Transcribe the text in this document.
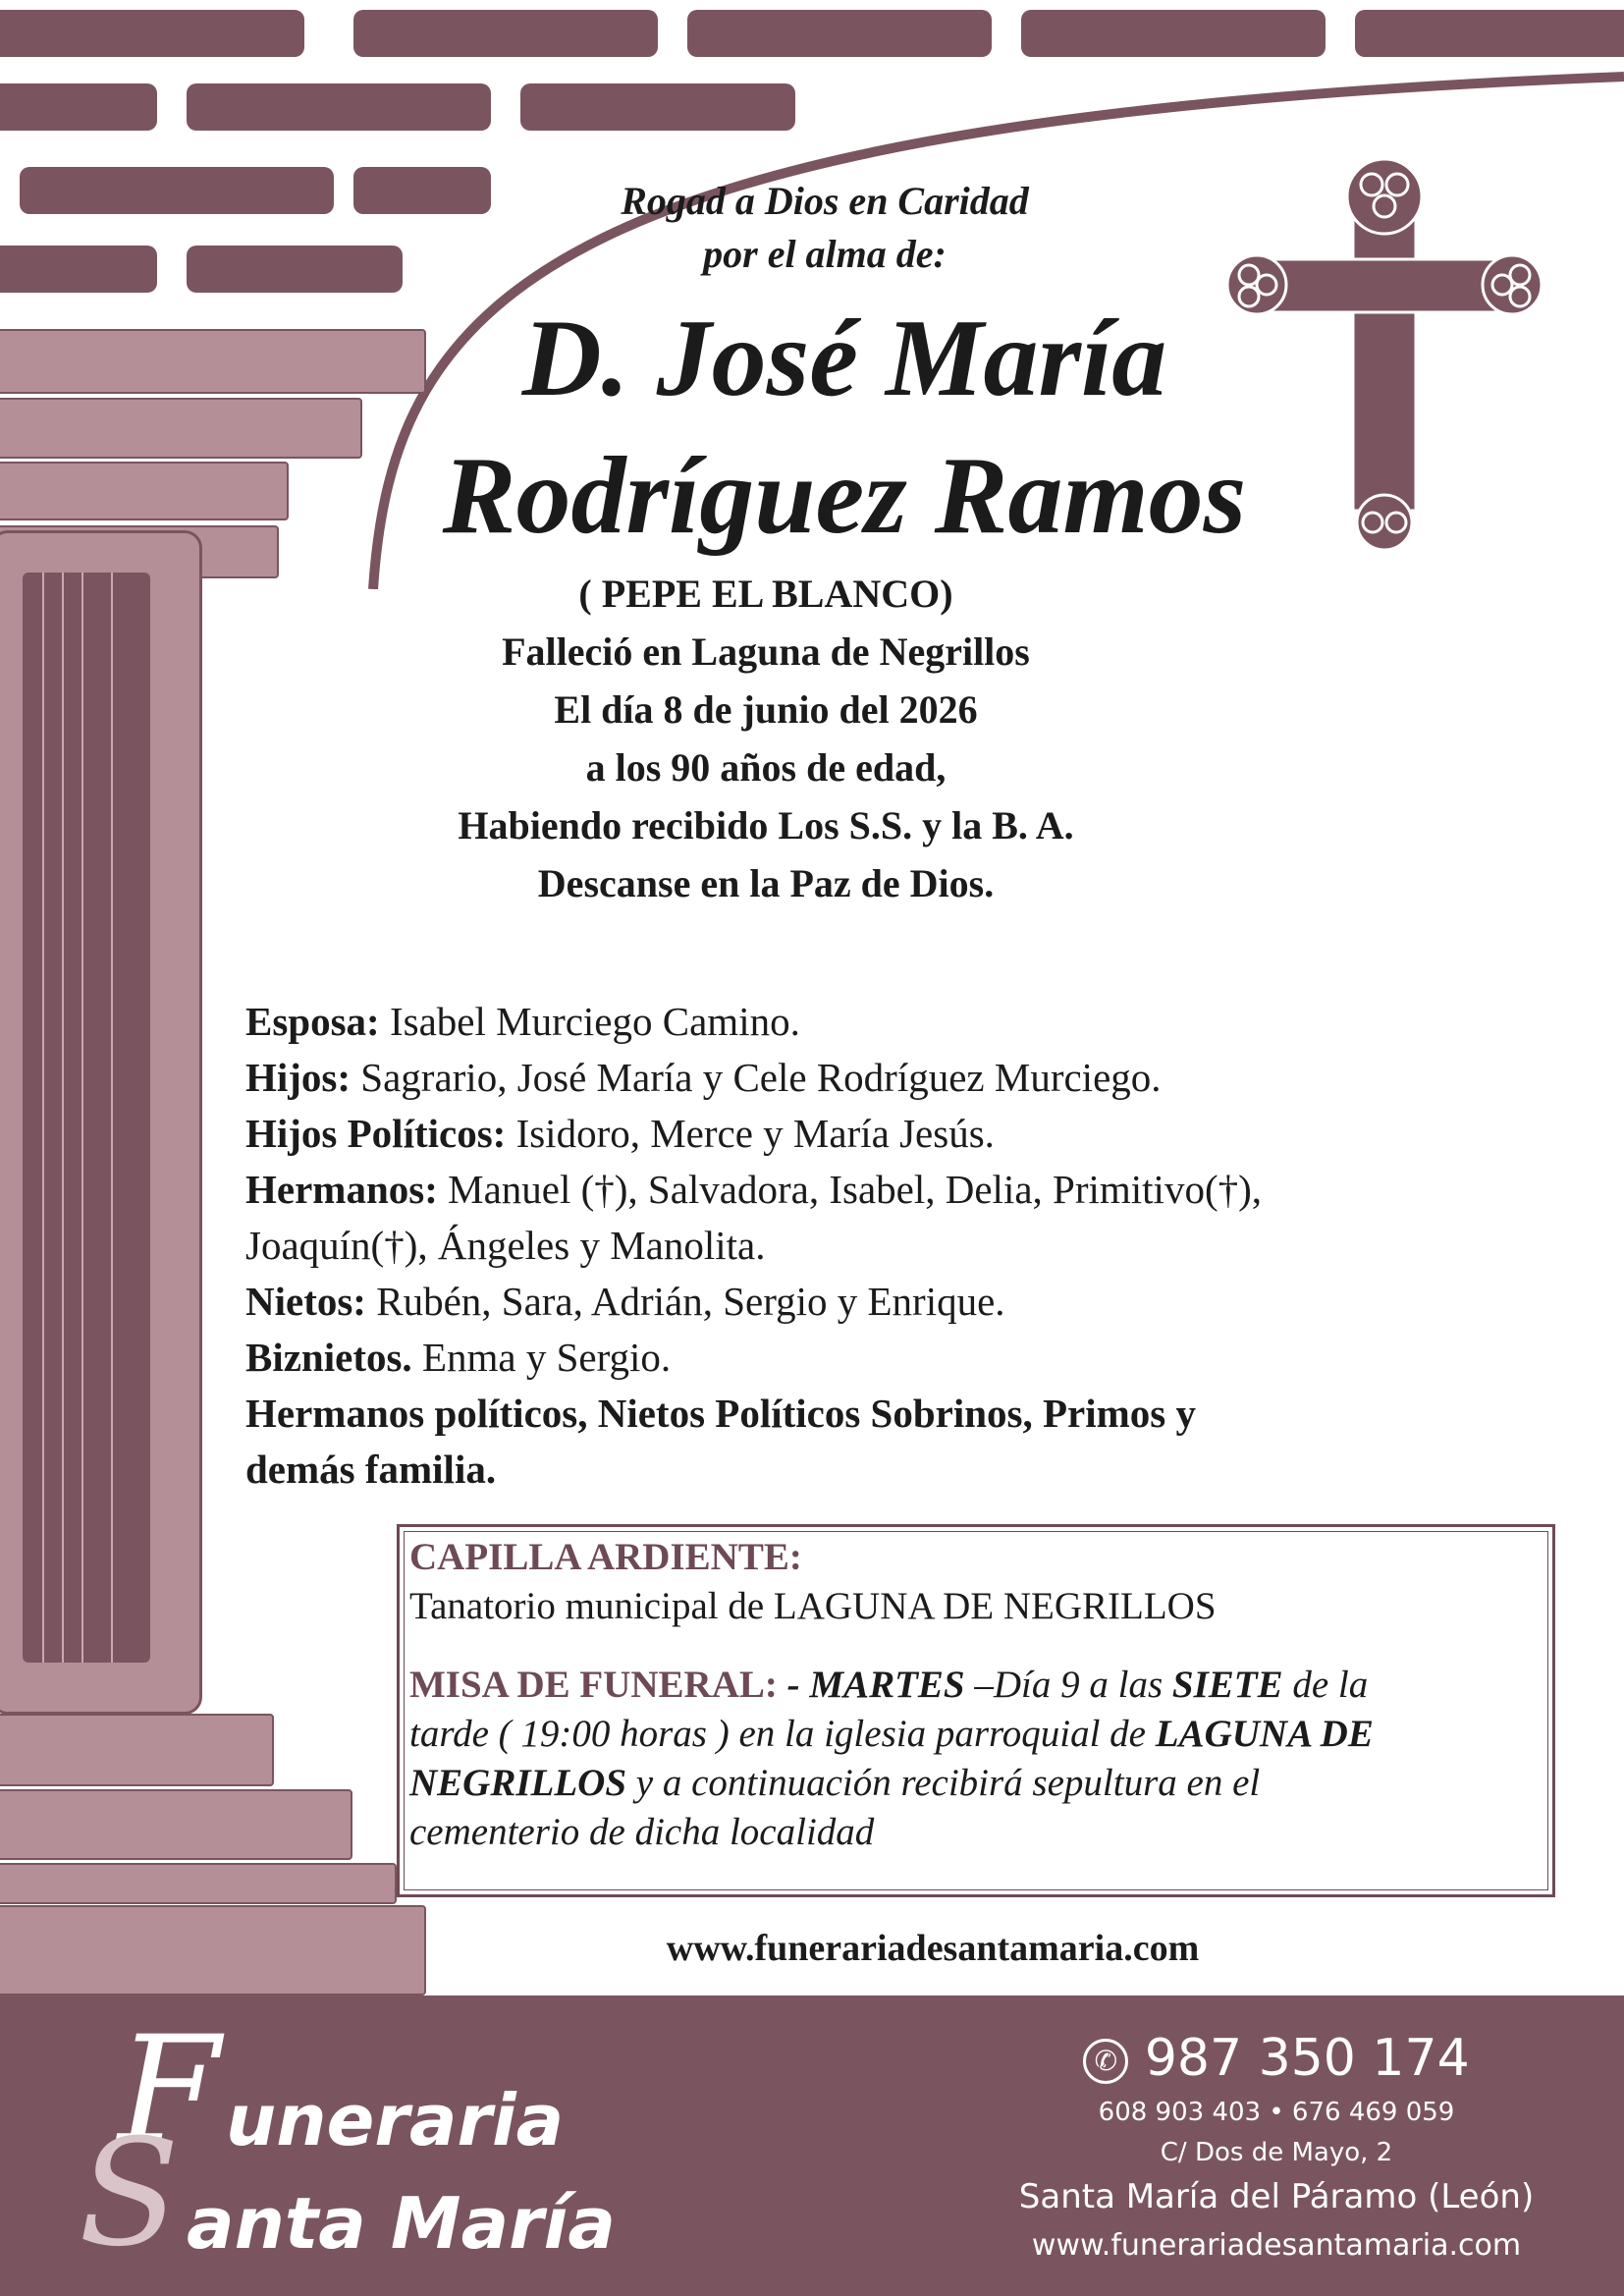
Rogad a Dios en Caridad
por el alma de:
D. José María
Rodríguez Ramos
( PEPE EL BLANCO)
Falleció en Laguna de Negrillos
El día 8 de junio del 2026
a los 90 años de edad,
Habiendo recibido Los S.S. y la B. A.
Descanse en la Paz de Dios.
Esposa: Isabel Murciego Camino.
Hijos: Sagrario, José María y Cele Rodríguez Murciego.
Hijos Políticos: Isidoro, Merce y María Jesús.
Hermanos: Manuel (†), Salvadora, Isabel, Delia, Primitivo(†),
Joaquín(†), Ángeles y Manolita.
Nietos: Rubén, Sara, Adrián, Sergio y Enrique.
Biznietos. Enma y Sergio.
Hermanos políticos, Nietos Políticos Sobrinos, Primos y
demás familia.
CAPILLA ARDIENTE:
Tanatorio municipal de LAGUNA DE NEGRILLOS
MISA DE FUNERAL: - MARTES –Día 9 a las SIETE de la
tarde ( 19:00 horas ) en la iglesia parroquial de LAGUNA DE
NEGRILLOS y a continuación recibirá sepultura en el
cementerio de dicha localidad
www.funerariadesantamaria.com
F uneraria
S anta María
✆ 987 350 174
608 903 403 • 676 469 059
C/ Dos de Mayo, 2
Santa María del Páramo (León)
www.funerariadesantamaria.com
